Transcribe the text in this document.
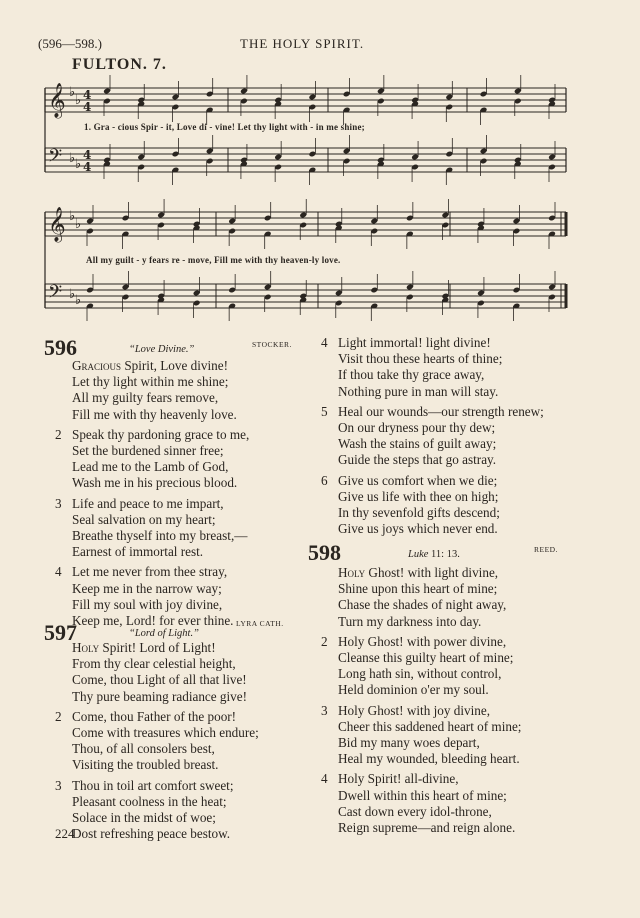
(596—598.)	THE HOLY SPIRIT.
FULTON. 7.
𝄞 ♭
♭ 4
4
𝄢 ♭ ♭
4
4
𝄞 ♭
♭
𝄢 ♭ ♭
1. Gra - cious Spir - it, Love di - vine! Let thy light with - in me shine;
All my guilt - y fears re - move, Fill me with thy heaven-ly love.
596	“Love Divine.”	STOCKER.
Gracious Spirit, Love divine!
Let thy light within me shine;
All my guilty fears remove,
Fill me with thy heavenly love.
2 Speak thy pardoning grace to me,
Set the burdened sinner free;
Lead me to the Lamb of God,
Wash me in his precious blood.
3 Life and peace to me impart,
Seal salvation on my heart;
Breathe thyself into my breast,—
Earnest of immortal rest.
4 Let me never from thee stray,
Keep me in the narrow way;
Fill my soul with joy divine,
Keep me, Lord! for ever thine.
597	“Lord of Light.”
LYRA CATH.
Holy Spirit! Lord of Light!
From thy clear celestial height,
Come, thou Light of all that live!
Thy pure beaming radiance give!
2 Come, thou Father of the poor!
Come with treasures which endure;
Thou, of all consolers best,
Visiting the troubled breast.
3 Thou in toil art comfort sweet;
Pleasant coolness in the heat;
Solace in the midst of woe;
Dost refreshing peace bestow.
4 Light immortal! light divine!
Visit thou these hearts of thine;
If thou take thy grace away,
Nothing pure in man will stay.
5 Heal our wounds—our strength renew;
On our dryness pour thy dew;
Wash the stains of guilt away;
Guide the steps that go astray.
6 Give us comfort when we die;
Give us life with thee on high;
In thy sevenfold gifts descend;
Give us joys which never end.
598	Luke 11: 13.	REED.
Holy Ghost! with light divine,
Shine upon this heart of mine;
Chase the shades of night away,
Turn my darkness into day.
2 Holy Ghost! with power divine,
Cleanse this guilty heart of mine;
Long hath sin, without control,
Held dominion o'er my soul.
3 Holy Ghost! with joy divine,
Cheer this saddened heart of mine;
Bid my many woes depart,
Heal my wounded, bleeding heart.
4 Holy Spirit! all-divine,
Dwell within this heart of mine;
Cast down every idol-throne,
Reign supreme—and reign alone.
224
